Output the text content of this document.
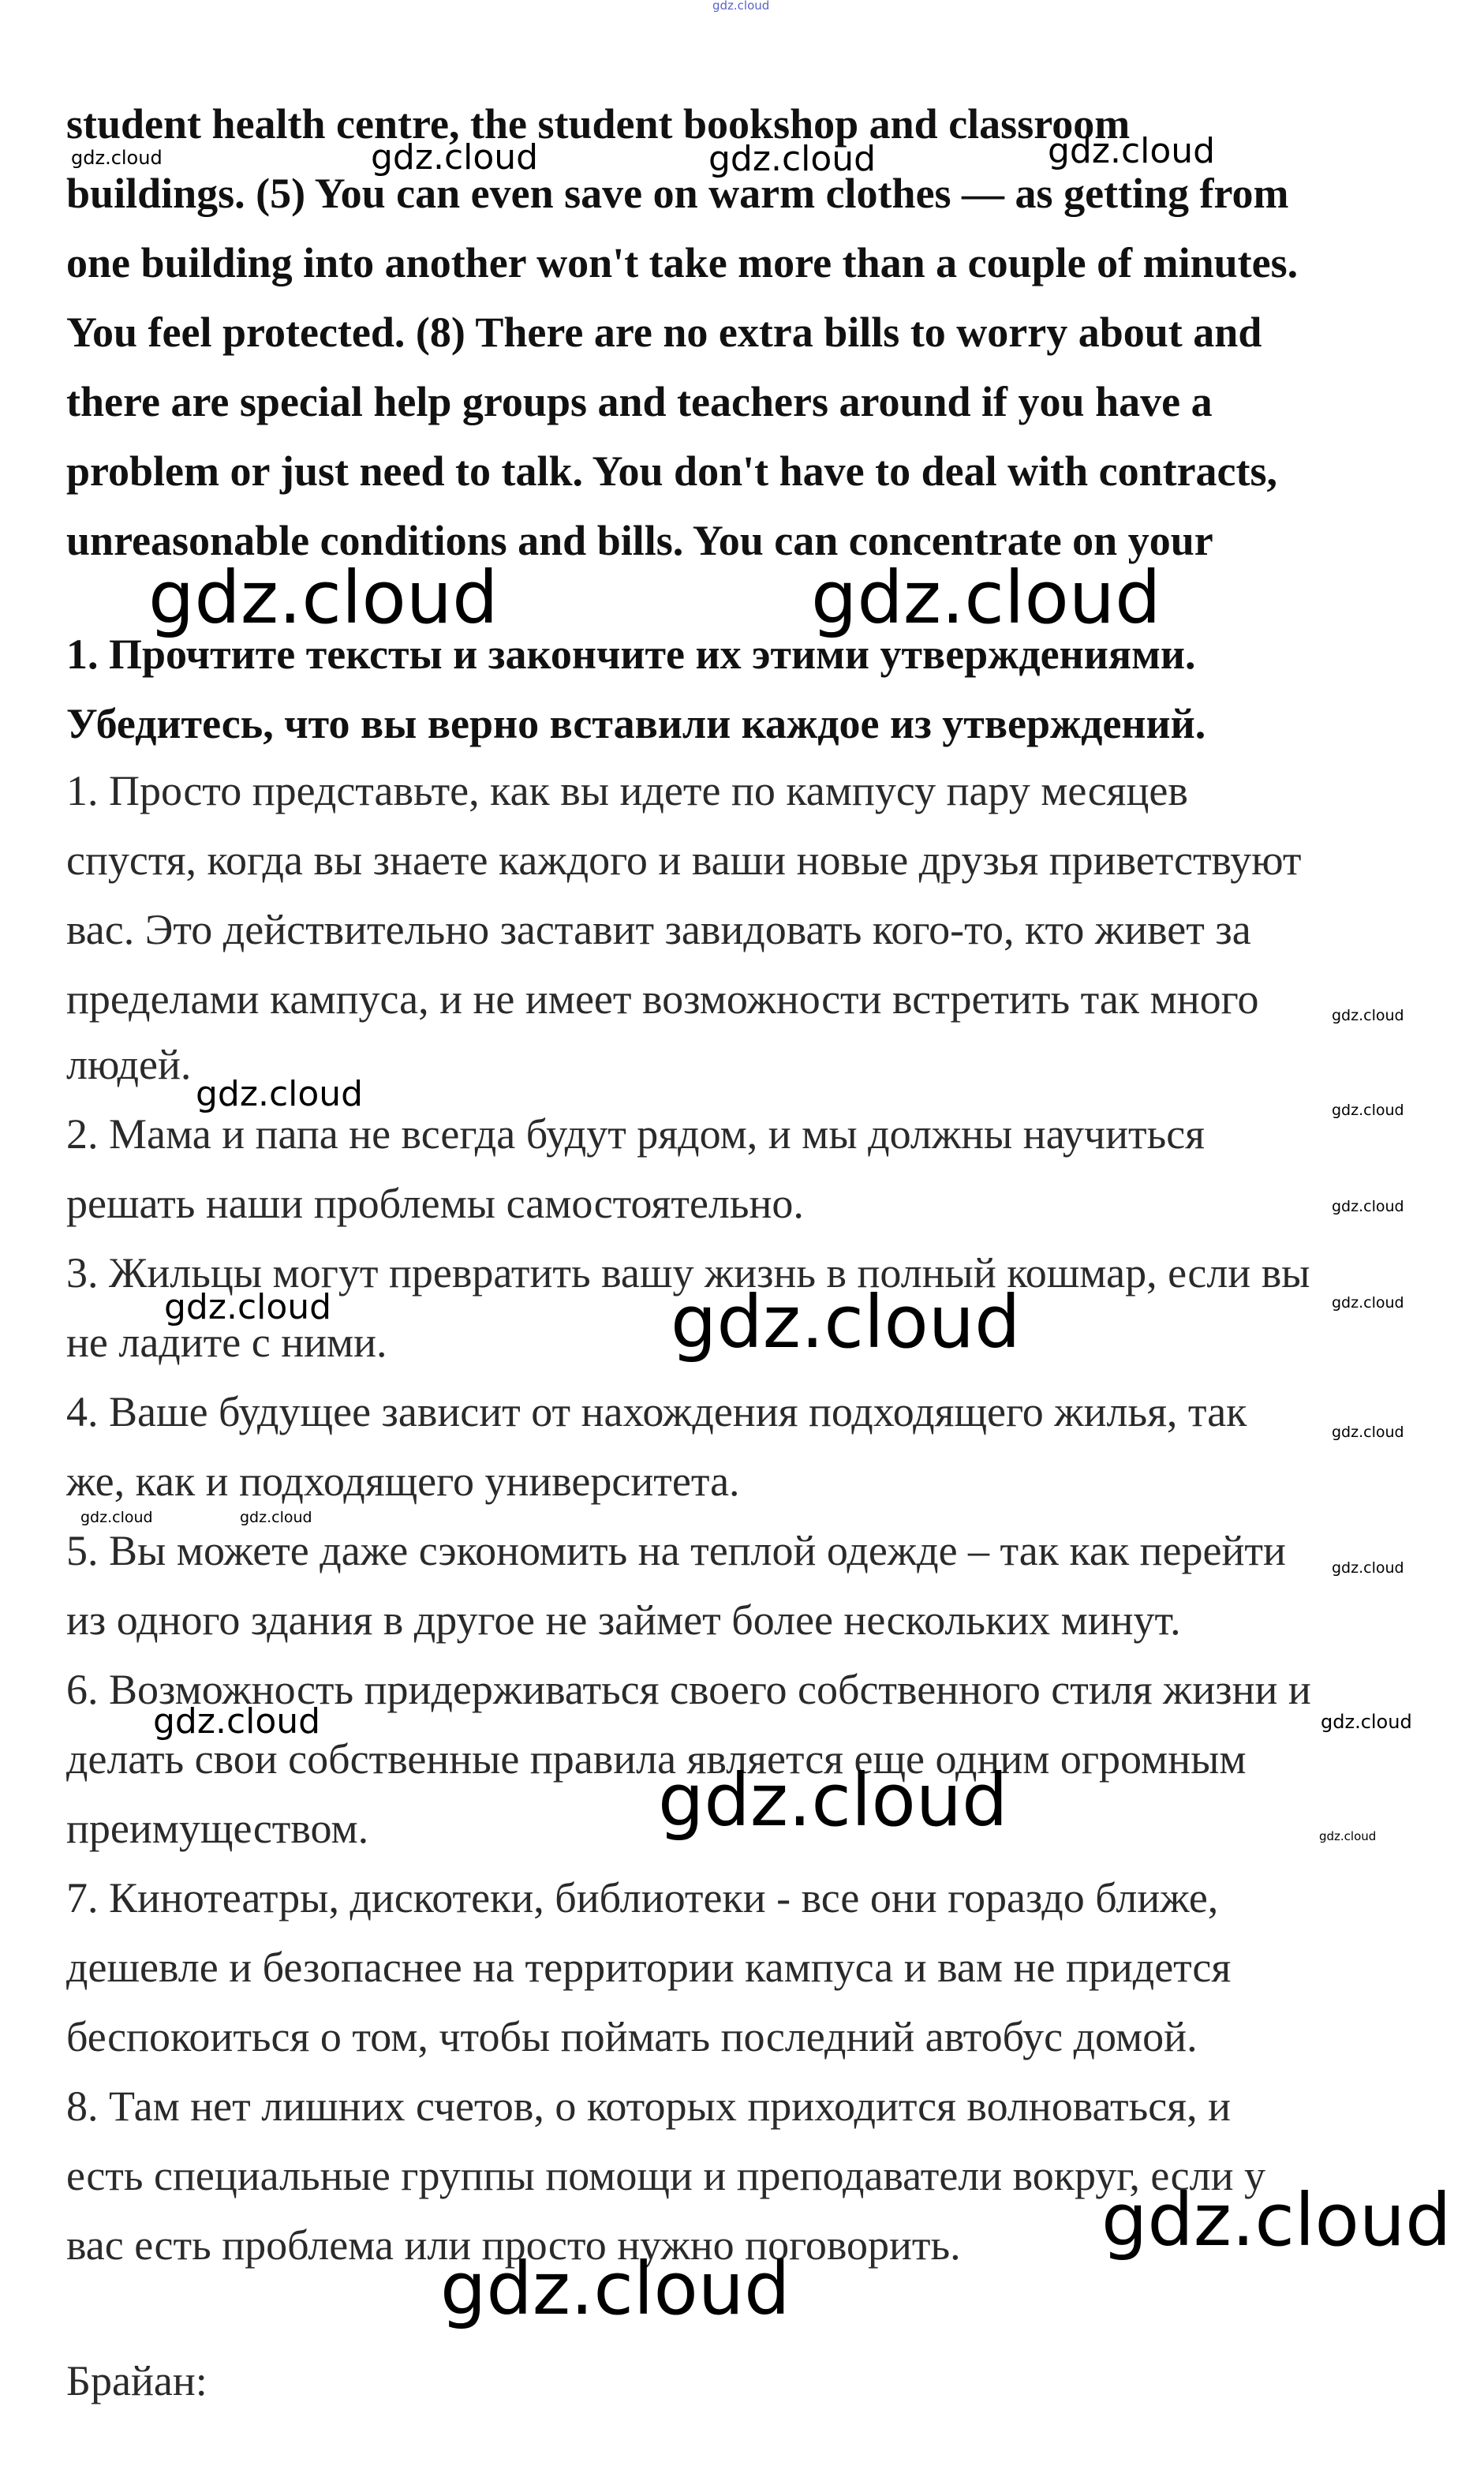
gdz.cloud
student health centre, the student bookshop and classroom
buildings. (5) You can even save on warm clothes — as getting from
one building into another won't take more than a couple of minutes.
You feel protected. (8) There are no extra bills to worry about and
there are special help groups and teachers around if you have a
problem or just need to talk. You don't have to deal with contracts,
unreasonable conditions and bills. You can concentrate on your
1. Прочтите тексты и закончите их этими утверждениями.
Убедитесь, что вы верно вставили каждое из утверждений.
1. Просто представьте, как вы идете по кампусу пару месяцев
спустя, когда вы знаете каждого и ваши новые друзья приветствуют
вас. Это действительно заставит завидовать кого-то, кто живет за
пределами кампуса, и не имеет возможности встретить так много
людей.
2. Мама и папа не всегда будут рядом, и мы должны научиться
решать наши проблемы самостоятельно.
3. Жильцы могут превратить вашу жизнь в полный кошмар, если вы
не ладите с ними.
4. Ваше будущее зависит от нахождения подходящего жилья, так
же, как и подходящего университета.
5. Вы можете даже сэкономить на теплой одежде – так как перейти
из одного здания в другое не займет более нескольких минут.
6. Возможность придерживаться своего собственного стиля жизни и
делать свои собственные правила является еще одним огромным
преимуществом.
7. Кинотеатры, дискотеки, библиотеки - все они гораздо ближе,
дешевле и безопаснее на территории кампуса и вам не придется
беспокоиться о том, чтобы поймать последний автобус домой.
8. Там нет лишних счетов, о которых приходится волноваться, и
есть специальные группы помощи и преподаватели вокруг, если у
вас есть проблема или просто нужно поговорить.
Брайан:
gdz.cloud	gdz.cloud	gdz.cloud	gdz.cloud
gdz.cloud	gdz.cloud
gdz.cloud
gdz.cloud	gdz.cloud
gdz.cloud
gdz.cloud
gdz.cloud	gdz.cloud
gdz.cloud
gdz.cloud	gdz.cloud
gdz.cloud
gdz.cloud	gdz.cloud
gdz.cloud	gdz.cloud
gdz.cloud
gdz.cloud
